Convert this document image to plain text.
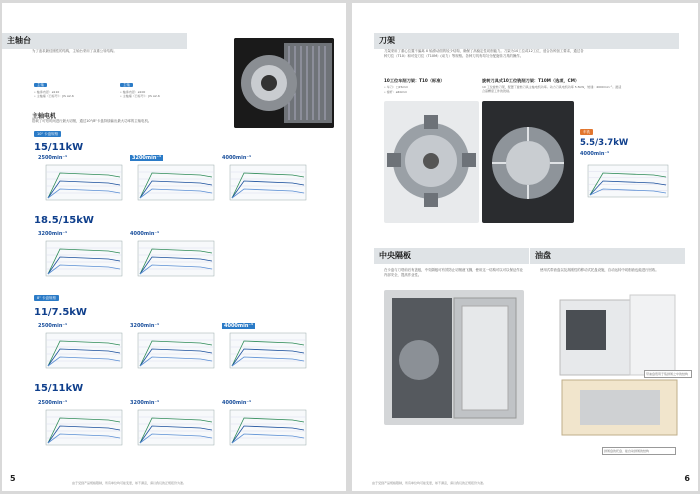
主轴台
为了追求最佳刚性的结构，主轴台采用了双重公转结构。
主轴
• 轴承内径：ø110
• 主轴端（日标号）：JIS A2-6
主轴
• 轴承内径：ø100
• 主轴端（日标号）：JIS A2-6
主轴电机
搭载了可短时间进行最大切削，通过10"/8"卡盘持续输出最大功率的主轴电机。
10" 卡盘规格
15/11kW
18.5/15kW
8" 卡盘规格
11/7.5kW
15/11kW
由于受到产品规格限制，所有单位均可能变更，如不满意，请以我们的正规报价为准。
5
2500min⁻¹	3200min⁻¹	4000min⁻¹
3200min⁻¹	4000min⁻¹
2500min⁻¹	3200min⁻¹	4000min⁻¹
2500min⁻¹	3200min⁻¹	4000min⁻¹
刀架
刀架采用了重心位置不偏离 X 轴滑动面的较少结构，确保了高稳定性切削能力。刀架为10工位或12工位，适合各种加工要求，通过各种刀位（T10）和可变刀位（T10M）(动力）等规格。各种刀具有均匀分配旋转刀具的操作。
10工位车削刀架：T10（标准）
• 车刀：□25mm
• 镗杆：ø40mm
旋转刀具式10工位铣削刀架：T10M（选项，CM）
10 工位旋转刀架，配置了旋转刀具主轴电机功率。动力刀具电机功率 5.5kW，转速：4000min⁻¹。最适合高精度工件的铣削。
车铣
5.5/3.7kW
4000min⁻¹
中央隔板
在卡盘与刀塔前后有盖板，中央隔板可有效防止切削液飞溅，使用这一结构可以可以保证作业内部安全，提高作业性。
油盘
使用式带油盘以及高刚性的移动式托盘设施，自动运转中切削油也能进行回收。
带油盘低用于集排屑之中的结构
排屑盘的托盘、能自动排屑的结构
由于受到产品规格限制，所有单位均可能变更，如不满意，请以我们的正规报价为准。	6
